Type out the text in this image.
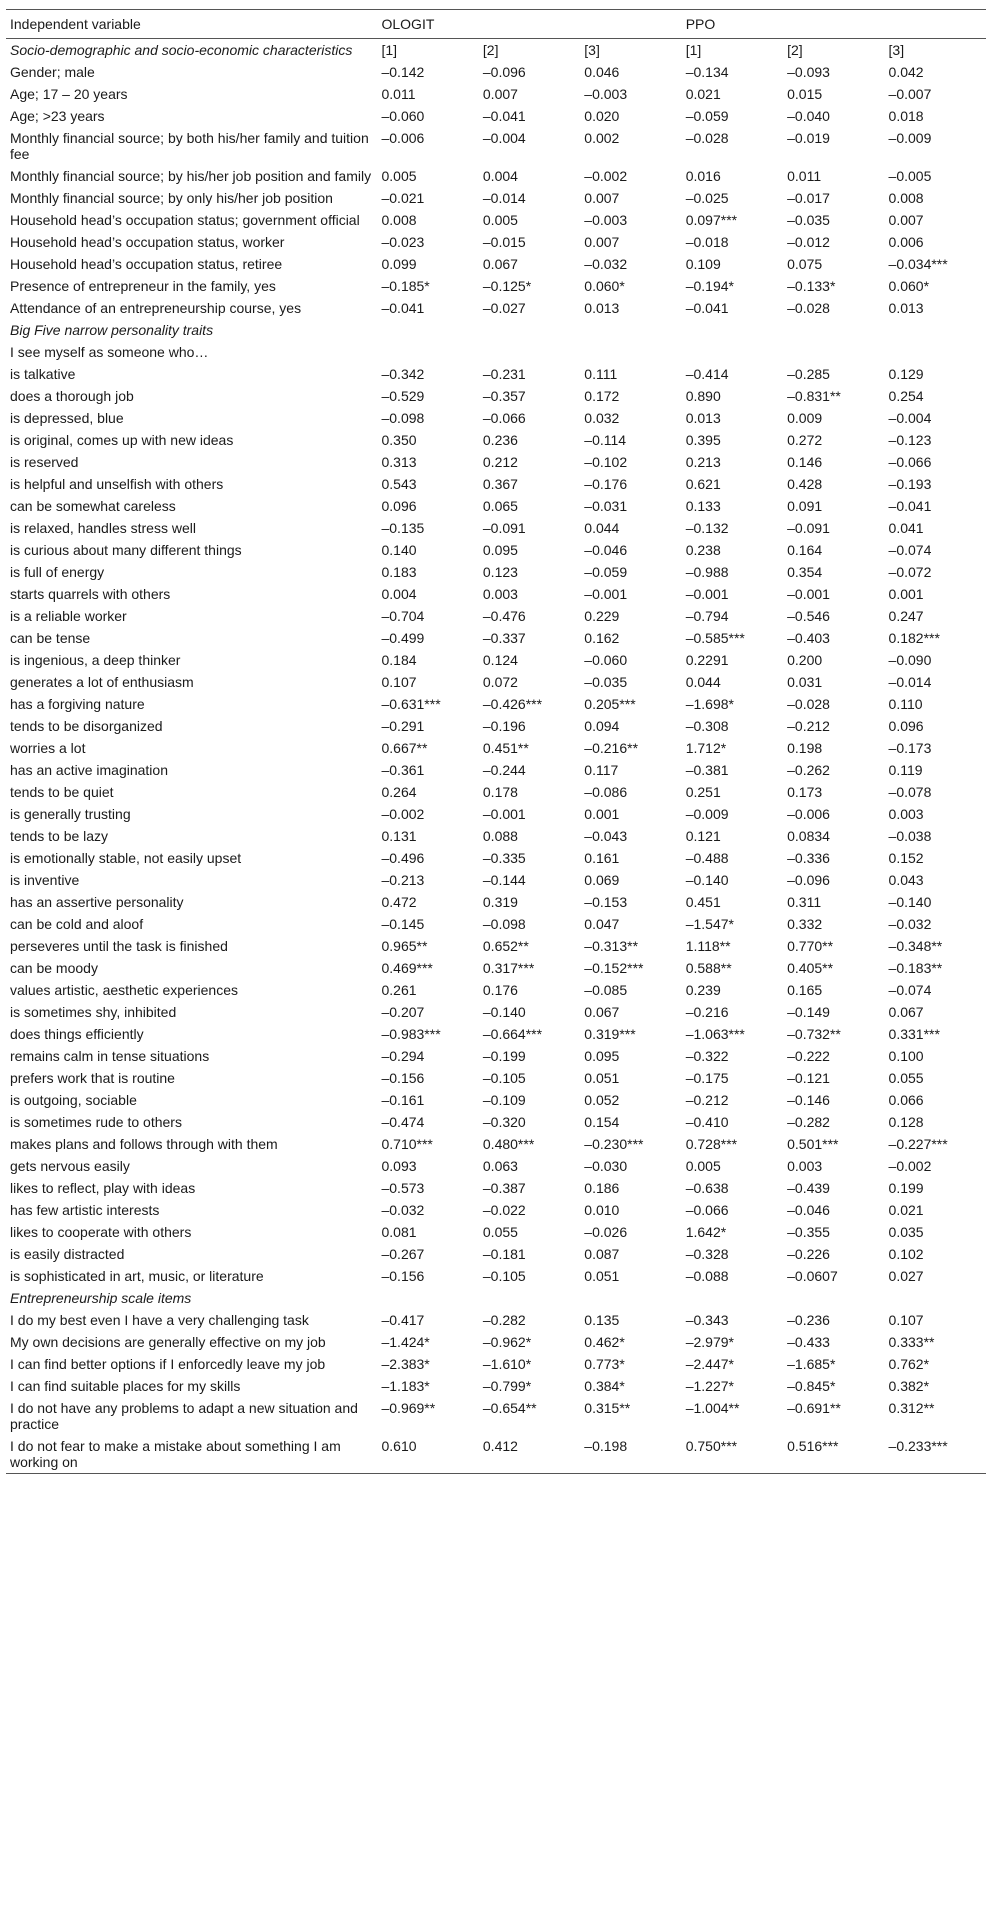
Independent variable	OLOGIT			PPO		
Socio-demographic and socio-economic characteristics	[1]	[2]	[3]	[1]	[2]	[3]
Gender; male	–0.142	–0.096	0.046	–0.134	–0.093	0.042
Age; 17 – 20 years	0.011	0.007	–0.003	0.021	0.015	–0.007
Age; >23 years	–0.060	–0.041	0.020	–0.059	–0.040	0.018
Monthly financial source; by both his/her family and tuition fee	–0.006	–0.004	0.002	–0.028	–0.019	–0.009
Monthly financial source; by his/her job position and family	0.005	0.004	–0.002	0.016	0.011	–0.005
Monthly financial source; by only his/her job position	–0.021	–0.014	0.007	–0.025	–0.017	0.008
Household head’s occupation status; government official	0.008	0.005	–0.003	0.097***	–0.035	0.007
Household head’s occupation status, worker	–0.023	–0.015	0.007	–0.018	–0.012	0.006
Household head’s occupation status, retiree	0.099	0.067	–0.032	0.109	0.075	–0.034***
Presence of entrepreneur in the family, yes	–0.185*	–0.125*	0.060*	–0.194*	–0.133*	0.060*
Attendance of an entrepreneurship course, yes	–0.041	–0.027	0.013	–0.041	–0.028	0.013
Big Five narrow personality traits						
I see myself as someone who…						
is talkative	–0.342	–0.231	0.111	–0.414	–0.285	0.129
does a thorough job	–0.529	–0.357	0.172	0.890	–0.831**	0.254
is depressed, blue	–0.098	–0.066	0.032	0.013	0.009	–0.004
is original, comes up with new ideas	0.350	0.236	–0.114	0.395	0.272	–0.123
is reserved	0.313	0.212	–0.102	0.213	0.146	–0.066
is helpful and unselfish with others	0.543	0.367	–0.176	0.621	0.428	–0.193
can be somewhat careless	0.096	0.065	–0.031	0.133	0.091	–0.041
is relaxed, handles stress well	–0.135	–0.091	0.044	–0.132	–0.091	0.041
is curious about many different things	0.140	0.095	–0.046	0.238	0.164	–0.074
is full of energy	0.183	0.123	–0.059	–0.988	0.354	–0.072
starts quarrels with others	0.004	0.003	–0.001	–0.001	–0.001	0.001
is a reliable worker	–0.704	–0.476	0.229	–0.794	–0.546	0.247
can be tense	–0.499	–0.337	0.162	–0.585***	–0.403	0.182***
is ingenious, a deep thinker	0.184	0.124	–0.060	0.2291	0.200	–0.090
generates a lot of enthusiasm	0.107	0.072	–0.035	0.044	0.031	–0.014
has a forgiving nature	–0.631***	–0.426***	0.205***	–1.698*	–0.028	0.110
tends to be disorganized	–0.291	–0.196	0.094	–0.308	–0.212	0.096
worries a lot	0.667**	0.451**	–0.216**	1.712*	0.198	–0.173
has an active imagination	–0.361	–0.244	0.117	–0.381	–0.262	0.119
tends to be quiet	0.264	0.178	–0.086	0.251	0.173	–0.078
is generally trusting	–0.002	–0.001	0.001	–0.009	–0.006	0.003
tends to be lazy	0.131	0.088	–0.043	0.121	0.0834	–0.038
is emotionally stable, not easily upset	–0.496	–0.335	0.161	–0.488	–0.336	0.152
is inventive	–0.213	–0.144	0.069	–0.140	–0.096	0.043
has an assertive personality	0.472	0.319	–0.153	0.451	0.311	–0.140
can be cold and aloof	–0.145	–0.098	0.047	–1.547*	0.332	–0.032
perseveres until the task is finished	0.965**	0.652**	–0.313**	1.118**	0.770**	–0.348**
can be moody	0.469***	0.317***	–0.152***	0.588**	0.405**	–0.183**
values artistic, aesthetic experiences	0.261	0.176	–0.085	0.239	0.165	–0.074
is sometimes shy, inhibited	–0.207	–0.140	0.067	–0.216	–0.149	0.067
does things efficiently	–0.983***	–0.664***	0.319***	–1.063***	–0.732**	0.331***
remains calm in tense situations	–0.294	–0.199	0.095	–0.322	–0.222	0.100
prefers work that is routine	–0.156	–0.105	0.051	–0.175	–0.121	0.055
is outgoing, sociable	–0.161	–0.109	0.052	–0.212	–0.146	0.066
is sometimes rude to others	–0.474	–0.320	0.154	–0.410	–0.282	0.128
makes plans and follows through with them	0.710***	0.480***	–0.230***	0.728***	0.501***	–0.227***
gets nervous easily	0.093	0.063	–0.030	0.005	0.003	–0.002
likes to reflect, play with ideas	–0.573	–0.387	0.186	–0.638	–0.439	0.199
has few artistic interests	–0.032	–0.022	0.010	–0.066	–0.046	0.021
likes to cooperate with others	0.081	0.055	–0.026	1.642*	–0.355	0.035
is easily distracted	–0.267	–0.181	0.087	–0.328	–0.226	0.102
is sophisticated in art, music, or literature	–0.156	–0.105	0.051	–0.088	–0.0607	0.027
Entrepreneurship scale items						
I do my best even I have a very challenging task	–0.417	–0.282	0.135	–0.343	–0.236	0.107
My own decisions are generally effective on my job	–1.424*	–0.962*	0.462*	–2.979*	–0.433	0.333**
I can find better options if I enforcedly leave my job	–2.383*	–1.610*	0.773*	–2.447*	–1.685*	0.762*
I can find suitable places for my skills	–1.183*	–0.799*	0.384*	–1.227*	–0.845*	0.382*
I do not have any problems to adapt a new situation and practice	–0.969**	–0.654**	0.315**	–1.004**	–0.691**	0.312**
I do not fear to make a mistake about something I am working on	0.610	0.412	–0.198	0.750***	0.516***	–0.233***
